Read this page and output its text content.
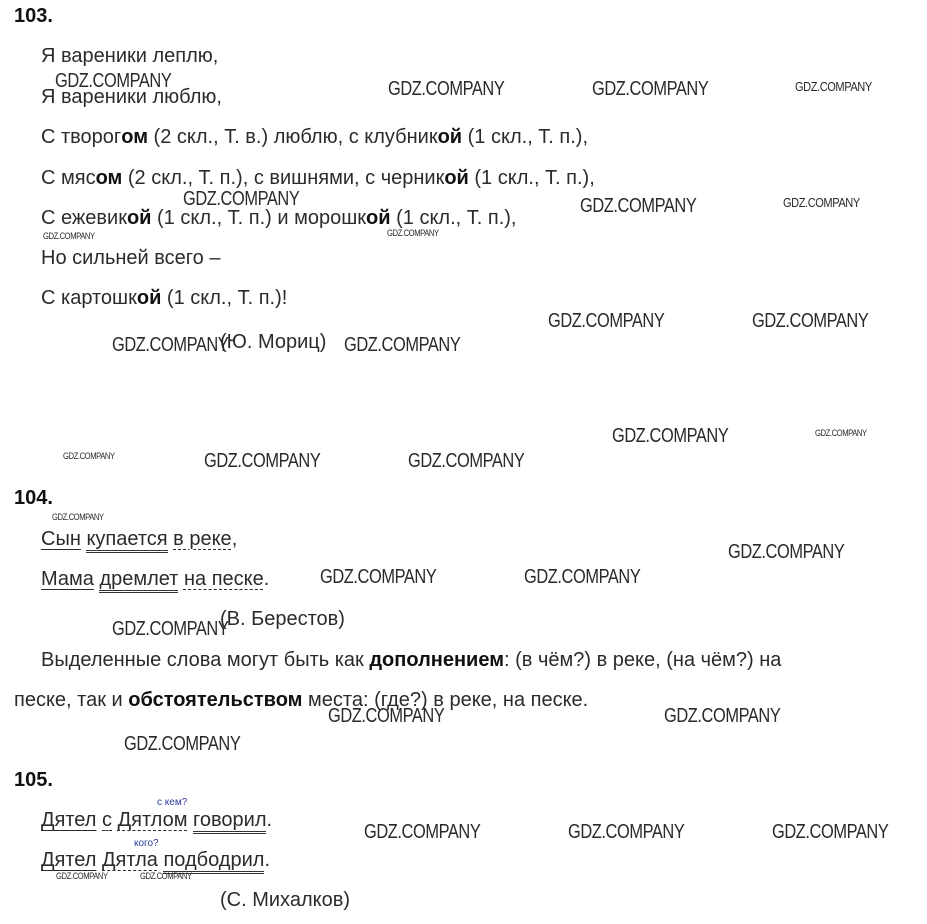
103.
Я вареники леплю,
Я вареники люблю,
С творогом (2 скл., Т. в.) люблю, с клубникой (1 скл., Т. п.),
С мясом (2 скл., Т. п.), с вишнями, с черникой (1 скл., Т. п.),
С ежевикой (1 скл., Т. п.) и морошкой (1 скл., Т. п.),
Но сильней всего –
С картошкой (1 скл., Т. п.)!
(Ю. Мориц)
104.
Сын купается в реке,
Мама дремлет на песке.
(В. Берестов)
Выделенные слова могут быть как дополнением: (в чём?) в реке, (на чём?) на
песке, так и обстоятельством места: (где?) в реке, на песке.
105.
с кем?
кого?
Дятел с Дятлом говорил.
Дятел Дятла подбодрил.
(С. Михалков)
GDZ.COMPANY	GDZ.COMPANY	GDZ.COMPANY	GDZ.COMPANY
GDZ.COMPANY	GDZ.COMPANY	GDZ.COMPANY
GDZ.COMPANY	GDZ.COMPANY
GDZ.COMPANY	GDZ.COMPANY
GDZ.COMPANY	GDZ.COMPANY
GDZ.COMPANY	GDZ.COMPANY
GDZ.COMPANY	GDZ.COMPANY	GDZ.COMPANY
GDZ.COMPANY
GDZ.COMPANY
GDZ.COMPANY	GDZ.COMPANY
GDZ.COMPANY
GDZ.COMPANY	GDZ.COMPANY
GDZ.COMPANY
GDZ.COMPANY	GDZ.COMPANY	GDZ.COMPANY
GDZ.COMPANY	GDZ.COMPANY
